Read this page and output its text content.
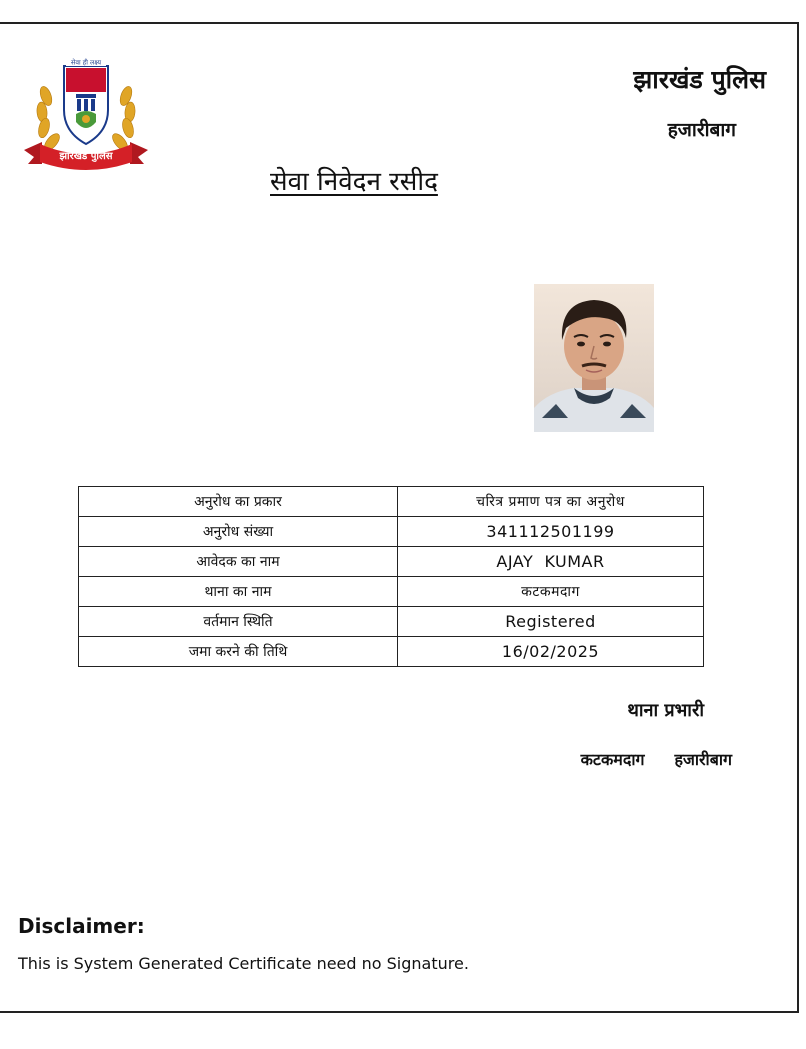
सेवा ही लक्ष्य
झारखंड पुलिस
झारखंड पुलिस
हजारीबाग
सेवा निवेदन रसीद
अनुरोध का प्रकार	चरित्र प्रमाण पत्र का अनुरोध
अनुरोध संख्या	341112501199
आवेदक का नाम	AJAY  KUMAR
थाना का नाम	कटकमदाग
वर्तमान स्थिति	Registered
जमा करने की तिथि	16/02/2025
थाना प्रभारी
कटकमदाग हजारीबाग
Disclaimer:
This is System Generated Certificate need no Signature.
